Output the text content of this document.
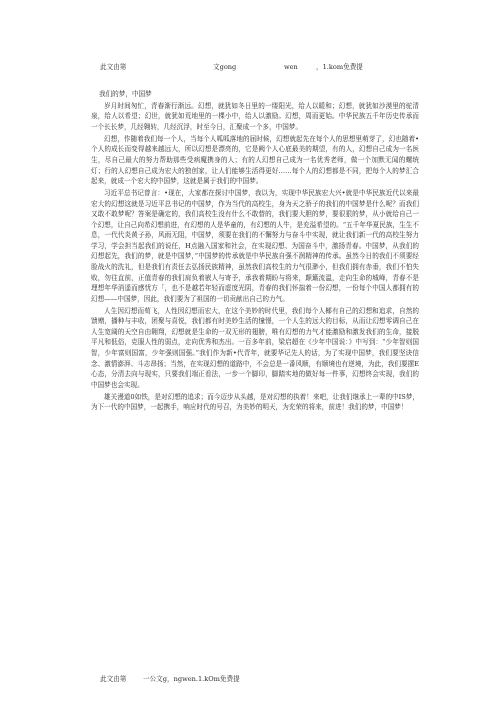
此文由第	文gong	wen	，1.kom免费提

我们的梦，中国梦

岁月时间匆忙，青春渐行渐远。幻想，就犹如冬日里的一缕阳光，给人以暖和；幻想，就犹如沙漠里的驼清泉，给人以希望；幻世，就犹如荒地里的一棵小中，给人以激励。幻想，周而更始。中华民族五千年历史传承而一个长长梦，几经翱转，几经沉浮，时至今日，汇聚成一个多，中国梦。

幻想，作随着我们每一个人，当每个人呱呱落地的届时候，幻想就起先在每个人的思想里萌芽了，幻也随着•个人的成长而变得越来越远大，所以幻想是漂亮的，它是阙个人心底最美的期望，有的人，幻想自己成为一名医生，尽自己最大的努力帮助那些受病魔携身的人；有的人幻想自己成为一名优秀老师，做一个加默无闻的螺统灯；行的人幻想自己成为宏大的独创家，让人们能够生活得更好……每个人的幻想都是不同，把每个人的梦汇合起来，就成一个宏大的中国梦，这就是属于我们的中国梦。

习近平总书记曾言：•现在，大家都在探讨中国梦，我以为，实现中华民族宏大兴•就是中华民族近代以来最宏大的幻想这就是习近平总书记的中国梦，作为当代的高校生，身为天之骄子的我们的中国梦是什么呢？而我们又敢不敢梦呢？答案是确定的，我们高校生没有什么不敢替的，我们要大胆的梦，要很狠的梦，从小就给自己一个幻想，让自己向希幻想前进，有幻想的人是华童的，有幻想的人牛，是充溢希望的。“五千年华夏民族，生生不息，一代代炎黄子孙，风雨无阻，中国梦，须要在我们的不懈努力与奋斗中实现，就让我们新一代的高校生努力学习，学会担当起我们的说任，H点融入国家和社会，在实现幻想、为国奋斗中，激扬青春。中国梦，从我们的幻想起先，我们的梦，就是中国梦，”中国梦的传承就是中华民族自强不润精神的传承。虽然今日的我们不须要经脸战火的洗礼，但是我们有责任去弘扬民族精神，虽然我们高校生的力气很渺小，但我们拥有赤垂，我们不怕失败，勿往直前，正值青春的我们肩负着嵌人与寄予，承我着期盼与将来，颠簸流温，走向生命的城峰，青春不是理想年华消遥而感忧方「，也不是越若年轻而虚度光阴，青春的我们怀揣着一份幻想，一份每个中国人都拥有的幻想——中国梦，因此，我们要为了祖国的一切贡献出自己的力气。

人生因幻想而荀飞，人性因幻想而宏大，在这个美妙的时代里，我们每个人椰有自己的幻想和追求，自然的馈赠，播种与丰收，团聚与喜悦，我们都有时美妙生活的憧憬，一个人生的远大的目标，从而让幻想零调自己在人生宽阔的天空自由翱翔，幻想就是生命的一双无形的翅膀，唯有幻想的力气才能激励和激发我们的生命，接脱平凡和低俗，克服人性的弱点，走向优秀和杰出。一百多年前，梁启超在《少年中国说：》中写到：“少年智则国智，少年富则国富，少年强则国强。”我们作为新•代青年，就要华记先人的话，为了实现中国梦，我们要坚诀信念、激情澎湃、斗志昂扬；当然，在实现幻想的道路中，不会总是一番风顺，有顺境也有逆境，为此，我们要摆E心态，分清去向与现实，只要我们端正看法，一步一个脚印，脚踏实地的做好每一件事，幻想终会实现，我们的中国梦也会实现。

雄关漫道0如铁，是对幻想的追求；而今迈步从头越，是对幻想的执着！来吧，让我们继承上一辈的中IS梦，为下一代的中国梦，一起携手，响应时代的号召，为美妙的明天，为充荣的将来，前进！我们的梦，中国梦！

此文由第	一公文g，ngwen.1.kOm免费提
